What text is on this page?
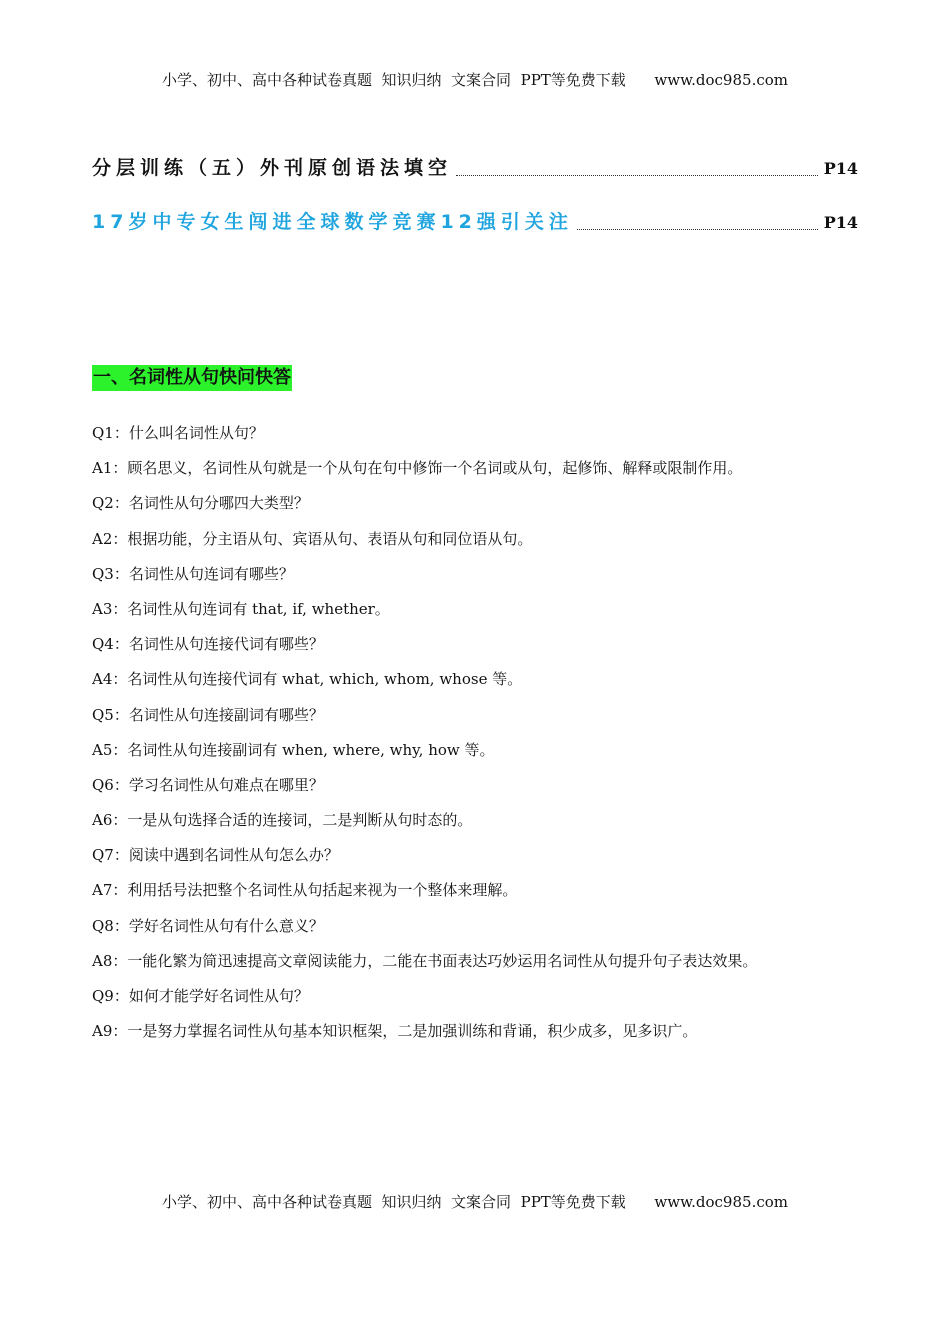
小学、初中、高中各种试卷真题  知识归纳  文案合同  PPT等免费下载      www.doc985.com
分层训练（五）外刊原创语法填空	P14
17岁中专女生闯进全球数学竞赛12强引关注	P14
一、名词性从句快问快答
Q1：什么叫名词性从句？
A1：顾名思义，名词性从句就是一个从句在句中修饰一个名词或从句，起修饰、解释或限制作用。
Q2：名词性从句分哪四大类型？
A2：根据功能，分主语从句、宾语从句、表语从句和同位语从句。
Q3：名词性从句连词有哪些？
A3：名词性从句连词有 that, if, whether。
Q4：名词性从句连接代词有哪些？
A4：名词性从句连接代词有 what, which, whom, whose 等。
Q5：名词性从句连接副词有哪些？
A5：名词性从句连接副词有 when, where, why, how 等。
Q6：学习名词性从句难点在哪里？
A6：一是从句选择合适的连接词，二是判断从句时态的。
Q7：阅读中遇到名词性从句怎么办？
A7：利用括号法把整个名词性从句括起来视为一个整体来理解。
Q8：学好名词性从句有什么意义？
A8：一能化繁为简迅速提高文章阅读能力，二能在书面表达巧妙运用名词性从句提升句子表达效果。
Q9：如何才能学好名词性从句？
A9：一是努力掌握名词性从句基本知识框架，二是加强训练和背诵，积少成多，见多识广。
小学、初中、高中各种试卷真题  知识归纳  文案合同  PPT等免费下载      www.doc985.com
